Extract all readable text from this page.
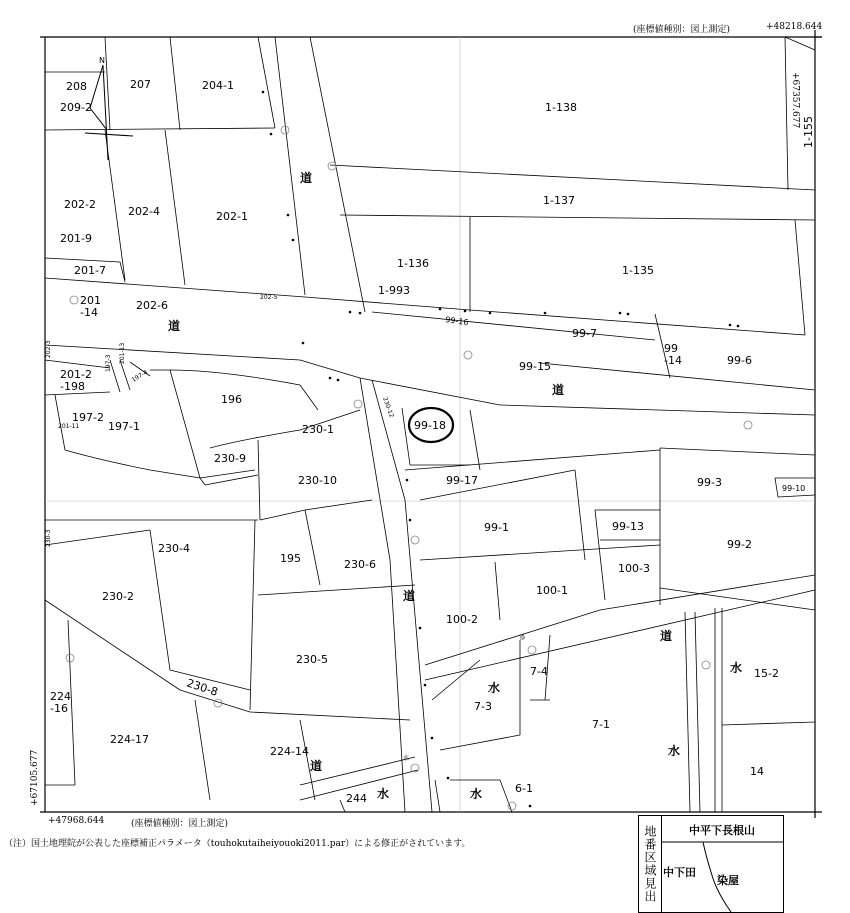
N
208	207	204-1
209-2	1-138
1-155
202-2
202-4	202-1
1-137
201-9
201-7
1-136
1-135
201
-14
202-6
1-993
202-5
99-16
99-7
99
-14	99-6
99-15
201-2
-198
197-3 201-13
197-4
202-3
196
197-2
197-1
201-11	230-1
230-12
99-18
230-9
230-10	99-17	99-3	99-10
99-1	99-13
99-2
230-3
230-4
195	230-6	100-3
230-2	100-1
100-2
230-5
15-2
7-4
230-8
224
-16	7-3
7-1
224-17
224-14
14
6-1
244
道
道
道
道
道
道
道
水
水
水
水	水
水
(座標値種別：図上測定)	+48218.644
+67357.677
+67105.677
+47968.644	(座標値種別：図上測定)
（注）国土地理院が公表した座標補正パラメータ（touhokutaiheiyouoki2011.par）による修正がされています。	地番区域見出	中平下長根山
中下田
染屋
